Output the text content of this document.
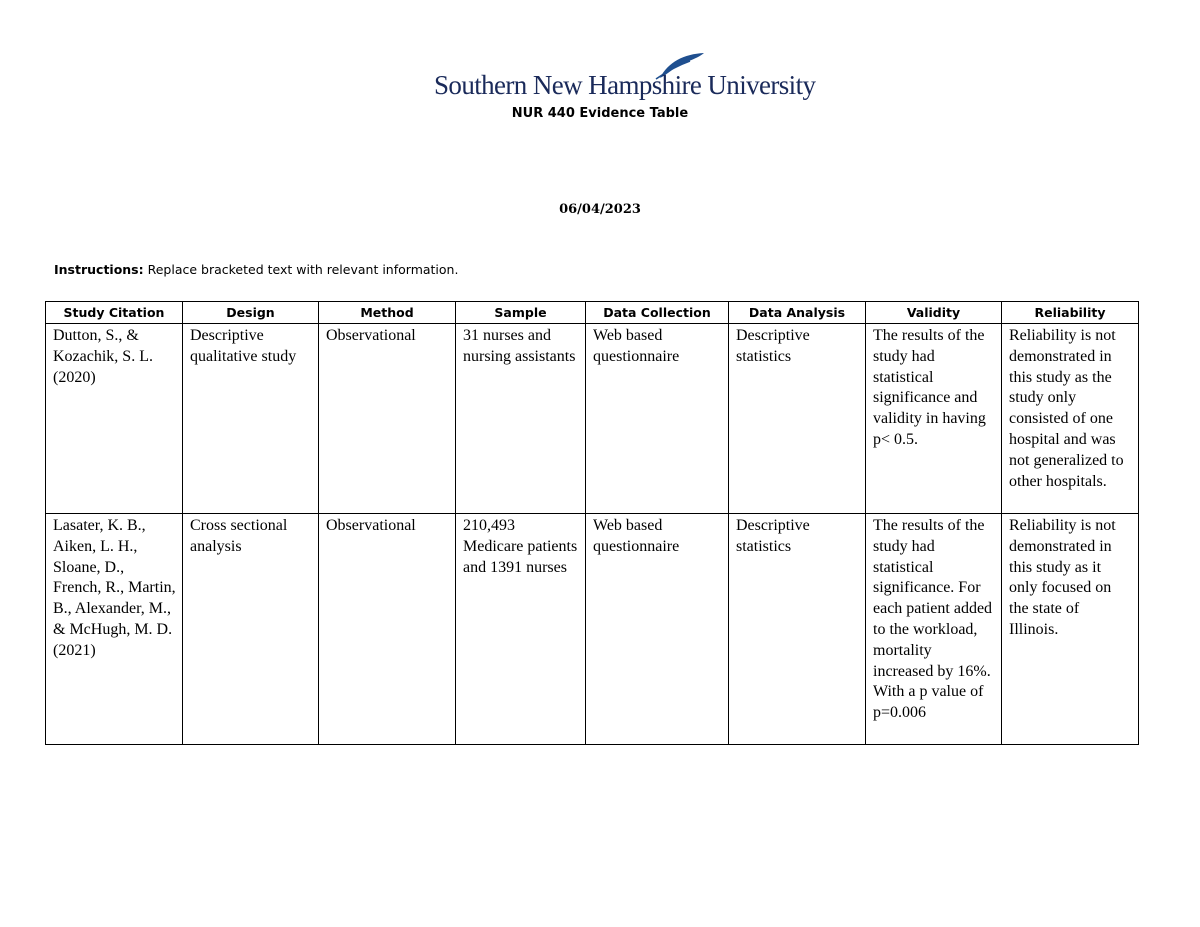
Southern New Hampshire University
NUR 440 Evidence Table
06/04/2023
Instructions: Replace bracketed text with relevant information.
Study Citation	Design	Method	Sample	Data Collection	Data Analysis	Validity	Reliability
Dutton, S., & Kozachik, S. L. (2020)	Descriptive qualitative study	Observational	31 nurses and nursing assistants	Web based questionnaire	Descriptive statistics	The results of the study had statistical significance and validity in having p< 0.5.	Reliability is not demonstrated in this study as the study only consisted of one hospital and was not generalized to other hospitals.
Lasater, K. B., Aiken, L. H., Sloane, D., French, R., Martin, B., Alexander, M., & McHugh, M. D. (2021)	Cross sectional analysis	Observational	210,493 Medicare patients and 1391 nurses	Web based questionnaire	Descriptive statistics	The results of the study had statistical significance. For each patient added to the workload, mortality increased by 16%. With a p value of p=0.006	Reliability is not demonstrated in this study as it only focused on the state of Illinois.
